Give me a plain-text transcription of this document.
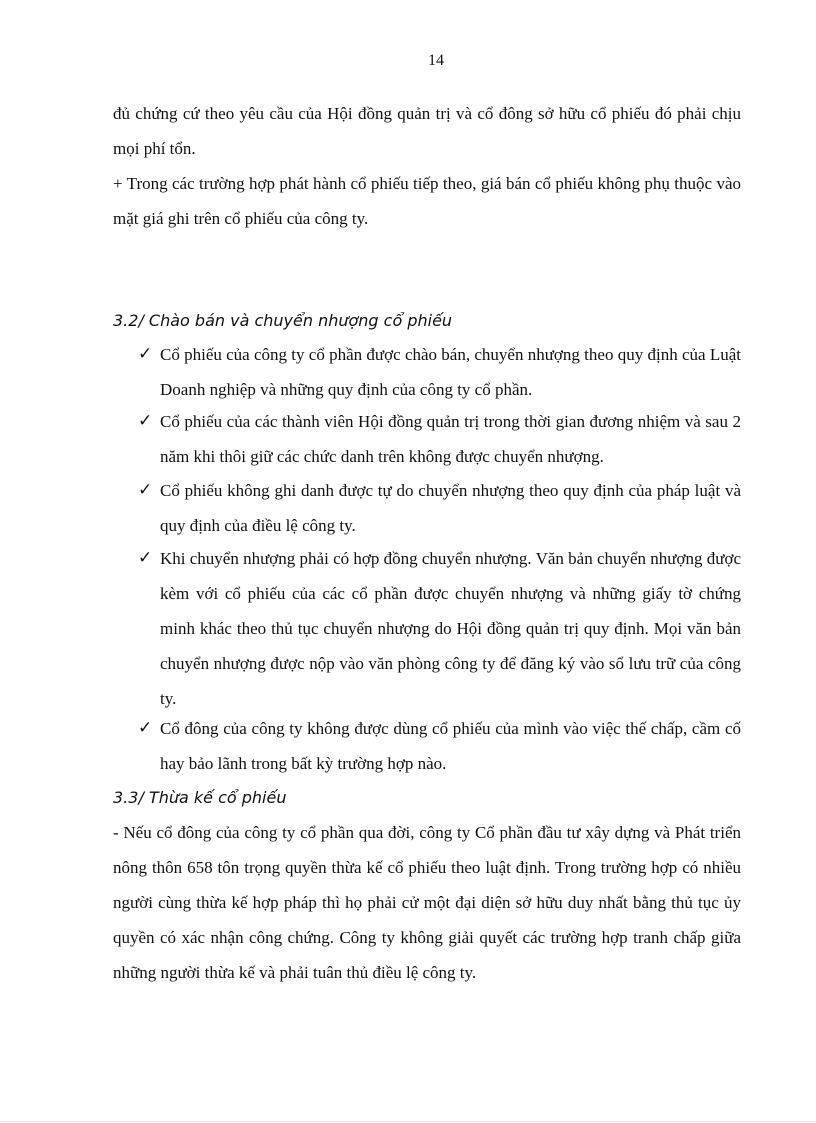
14

đủ chứng cứ theo yêu cầu của Hội đồng quản trị và cổ đông sở hữu cổ phiếu đó phải chịu mọi phí tổn.

+ Trong các trường hợp phát hành cổ phiếu tiếp theo, giá bán cổ phiếu không phụ thuộc vào mặt giá ghi trên cổ phiếu của công ty.

3.2/ Chào bán và chuyển nhượng cổ phiếu

✓ Cổ phiếu của công ty cổ phần được chào bán, chuyển nhượng theo quy định của Luật Doanh nghiệp và những quy định của công ty cổ phần.
✓ Cổ phiếu của các thành viên Hội đồng quản trị trong thời gian đương nhiệm và sau 2 năm khi thôi giữ các chức danh trên không được chuyển nhượng.
✓ Cổ phiếu không ghi danh được tự do chuyển nhượng theo quy định của pháp luật và quy định của điều lệ công ty.
✓ Khi chuyển nhượng phải có hợp đồng chuyển nhượng. Văn bản chuyển nhượng được kèm với cổ phiếu của các cổ phần được chuyển nhượng và những giấy tờ chứng minh khác theo thủ tục chuyển nhượng do Hội đồng quản trị quy định. Mọi văn bản chuyển nhượng được nộp vào văn phòng công ty để đăng ký vào sổ lưu trữ của công ty.
✓ Cổ đông của công ty không được dùng cổ phiếu của mình vào việc thế chấp, cầm cố hay bảo lãnh trong bất kỳ trường hợp nào.

3.3/ Thừa kế cổ phiếu

- Nếu cổ đông của công ty cổ phần qua đời, công ty Cổ phần đầu tư xây dựng và Phát triển nông thôn 658 tôn trọng quyền thừa kế cổ phiếu theo luật định. Trong trường hợp có nhiều người cùng thừa kế hợp pháp thì họ phải cử một đại diện sở hữu duy nhất bằng thủ tục ủy quyền có xác nhận công chứng. Công ty không giải quyết các trường hợp tranh chấp giữa những người thừa kế và phải tuân thủ điều lệ công ty.
